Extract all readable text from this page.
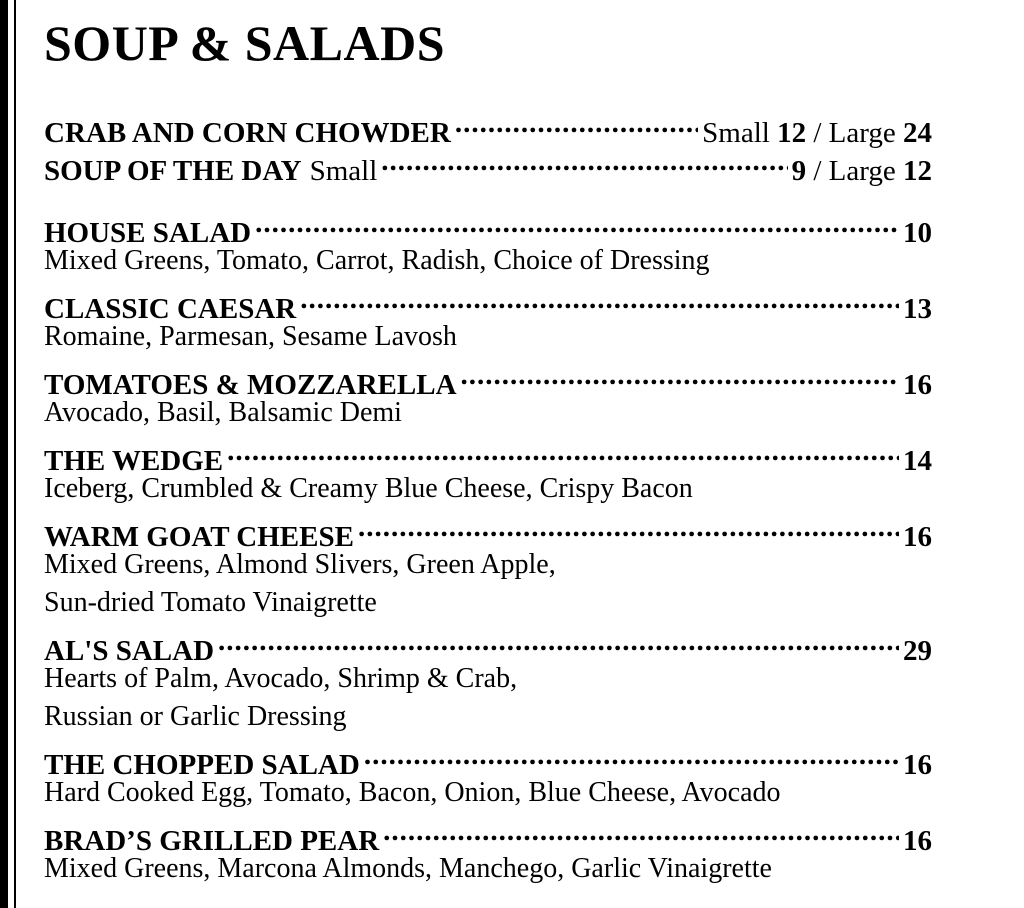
SOUP & SALADS
CRAB AND CORN CHOWDER .....	Small 12 / Large 24
SOUP OF THE DAY Small .....	9 / Large 12
HOUSE SALAD .....	10
Mixed Greens, Tomato, Carrot, Radish, Choice of Dressing
CLASSIC CAESAR .....	13
Romaine, Parmesan, Sesame Lavosh
TOMATOES & MOZZARELLA .....	16
Avocado, Basil, Balsamic Demi
THE WEDGE .....	14
Iceberg, Crumbled & Creamy Blue Cheese, Crispy Bacon
WARM GOAT CHEESE .....	16
Mixed Greens, Almond Slivers, Green Apple,
Sun-dried Tomato Vinaigrette
AL'S SALAD .....	29
Hearts of Palm, Avocado, Shrimp & Crab,
Russian or Garlic Dressing
THE CHOPPED SALAD .....	16
Hard Cooked Egg, Tomato, Bacon, Onion, Blue Cheese, Avocado
BRAD’S GRILLED PEAR .....	16
Mixed Greens, Marcona Almonds, Manchego, Garlic Vinaigrette
